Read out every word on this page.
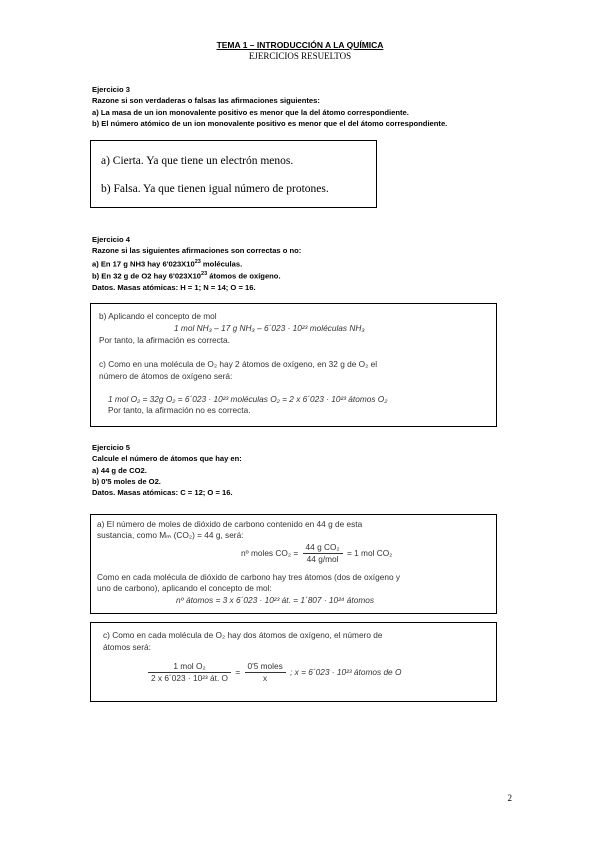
TEMA 1 – INTRODUCCIÓN A LA QUÍMICA
EJERCICIOS RESUELTOS
Ejercicio 3
Razone si son verdaderas o falsas las afirmaciones siguientes:
a) La masa de un ion monovalente positivo es menor que la del átomo correspondiente.
b) El número atómico de un ion monovalente positivo es menor que el del átomo correspondiente.
a) Cierta. Ya que tiene un electrón menos.
b) Falsa. Ya que tienen igual número de protones.
Ejercicio 4
Razone si las siguientes afirmaciones son correctas o no:
a) En 17 g NH3 hay $6'023X10^{23}$ moléculas.
b) En 32 g de O2 hay $6'023X10^{23}$ átomos de oxígeno.
Datos. Masas atómicas: H = 1; N = 14; O = 16.
b) Aplicando el concepto de mol
1 mol NH₃ – 17 g NH₃ – 6´023 · 10²³ moléculas NH₃
Por tanto, la afirmación es correcta.
c) Como en una molécula de O₂ hay 2 átomos de oxígeno, en 32 g de O₂ el
número de átomos de oxígeno será:
1 mol O₂ = 32g O₂ = 6´023 · 10²³ moléculas O₂ = 2 x 6´023 · 10²³ átomos O₂
Por tanto, la afirmación no es correcta.
Ejercicio 5
Calcule el número de átomos que hay en:
a) 44 g de CO2.
b) 0'5 moles de O2.
Datos. Masas atómicas: C = 12; O = 16.
a) El número de moles de dióxido de carbono contenido en 44 g de esta
sustancia, como Mₘ (CO₂) = 44 g, será:
nº moles $CO_2 = \frac{\text{44 g CO₂}}{\text{44 g/mol}} = 1$ mol CO₂
Como en cada molécula de dióxido de carbono hay tres átomos (dos de oxígeno y
uno de carbono), aplicando el concepto de mol:
nº átomos = 3 x 6´023 · 10²³ át. = 1´807 · 10²⁴ átomos
c) Como en cada molécula de O₂ hay dos átomos de oxígeno, el número de
átomos será:
$\frac{\text{1 mol O₂}}{\text{2 x 6´023 · 10²³ át. O}} = \frac{\text{0'5 moles}}{x}$ ; x = 6´023 · 10²³ átomos de O
2
